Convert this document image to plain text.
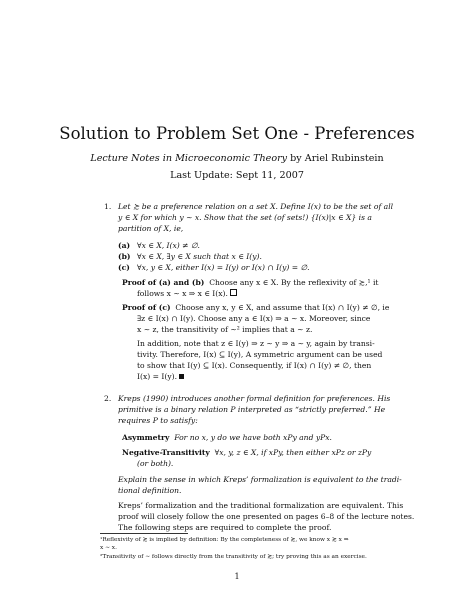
Solution to Problem Set One - Preferences
Lecture Notes in Microeconomic Theory by Ariel Rubinstein
Last Update: Sept 11, 2007
1. Let ≿ be a preference relation on a set X. Define I(x) to be the set of all
y ∈ X for which y ∼ x. Show that the set (of sets!) {I(x)|x ∈ X} is a
partition of X, ie,
(a) ∀x ∈ X, I(x) ≠ ∅.
(b) ∀x ∈ X, ∃y ∈ X such that x ∈ I(y).
(c) ∀x, y ∈ X, either I(x) = I(y) or I(x) ∩ I(y) = ∅.
Proof of (a) and (b) Choose any x ∈ X. By the reflexivity of ≿,¹ it
follows x ∼ x ⇒ x ∈ I(x).
Proof of (c) Choose any x, y ∈ X, and assume that I(x) ∩ I(y) ≠ ∅, ie
∃z ∈ I(x) ∩ I(y). Choose any a ∈ I(x) ⇒ a ∼ x. Moreover, since
x ∼ z, the transitivity of ∼² implies that a ∼ z.
In addition, note that z ∈ I(y) ⇒ z ∼ y ⇒ a ∼ y, again by transi-
tivity. Therefore, I(x) ⊆ I(y), A symmetric argument can be used
to show that I(y) ⊆ I(x). Consequently, if I(x) ∩ I(y) ≠ ∅, then
I(x) = I(y).
2. Kreps (1990) introduces another formal definition for preferences. His
primitive is a binary relation P interpreted as “strictly preferred.” He
requires P to satisfy:
Asymmetry For no x, y do we have both xPy and yPx.
Negative-Transitivity ∀x, y, z ∈ X, if xPy, then either xPz or zPy
(or both).
Explain the sense in which Kreps’ formalization is equivalent to the tradi-
tional definition.
Kreps’ formalization and the traditional formalization are equivalent. This
proof will closely follow the one presented on pages 6–8 of the lecture notes.
The following steps are required to complete the proof.
¹Reflexivity of ≿ is implied by definition: By the completeness of ≿, we know x ≿ x ⇒
x ∼ x.
²Transitivity of ∼ follows directly from the transitivity of ≿; try proving this as an exercise.
1
